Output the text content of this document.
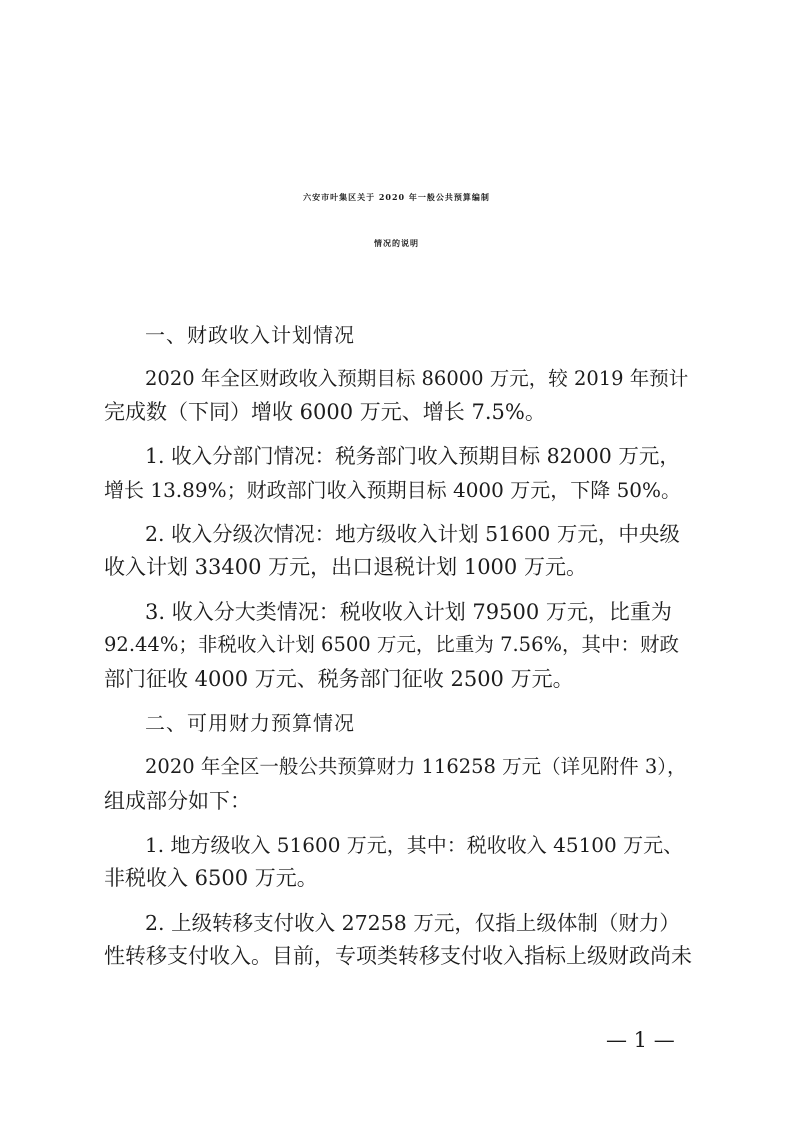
六安市叶集区关于 2020 年一般公共预算编制
情况的说明
一、财政收入计划情况
2020 年全区财政收入预期目标 86000 万元，较 2019 年预计
完成数（下同）增收 6000 万元、增长 7.5%。
1. 收入分部门情况：税务部门收入预期目标 82000 万元，
增长 13.89%；财政部门收入预期目标 4000 万元，下降 50%。
2. 收入分级次情况：地方级收入计划 51600 万元，中央级
收入计划 33400 万元，出口退税计划 1000 万元。
3. 收入分大类情况：税收收入计划 79500 万元，比重为
92.44%；非税收入计划 6500 万元，比重为 7.56%，其中：财政
部门征收 4000 万元、税务部门征收 2500 万元。
二、可用财力预算情况
2020 年全区一般公共预算财力 116258 万元（详见附件 3），
组成部分如下：
1. 地方级收入 51600 万元，其中：税收收入 45100 万元、
非税收入 6500 万元。
2. 上级转移支付收入 27258 万元，仅指上级体制（财力）
性转移支付收入。目前，专项类转移支付收入指标上级财政尚未
— 1 —
